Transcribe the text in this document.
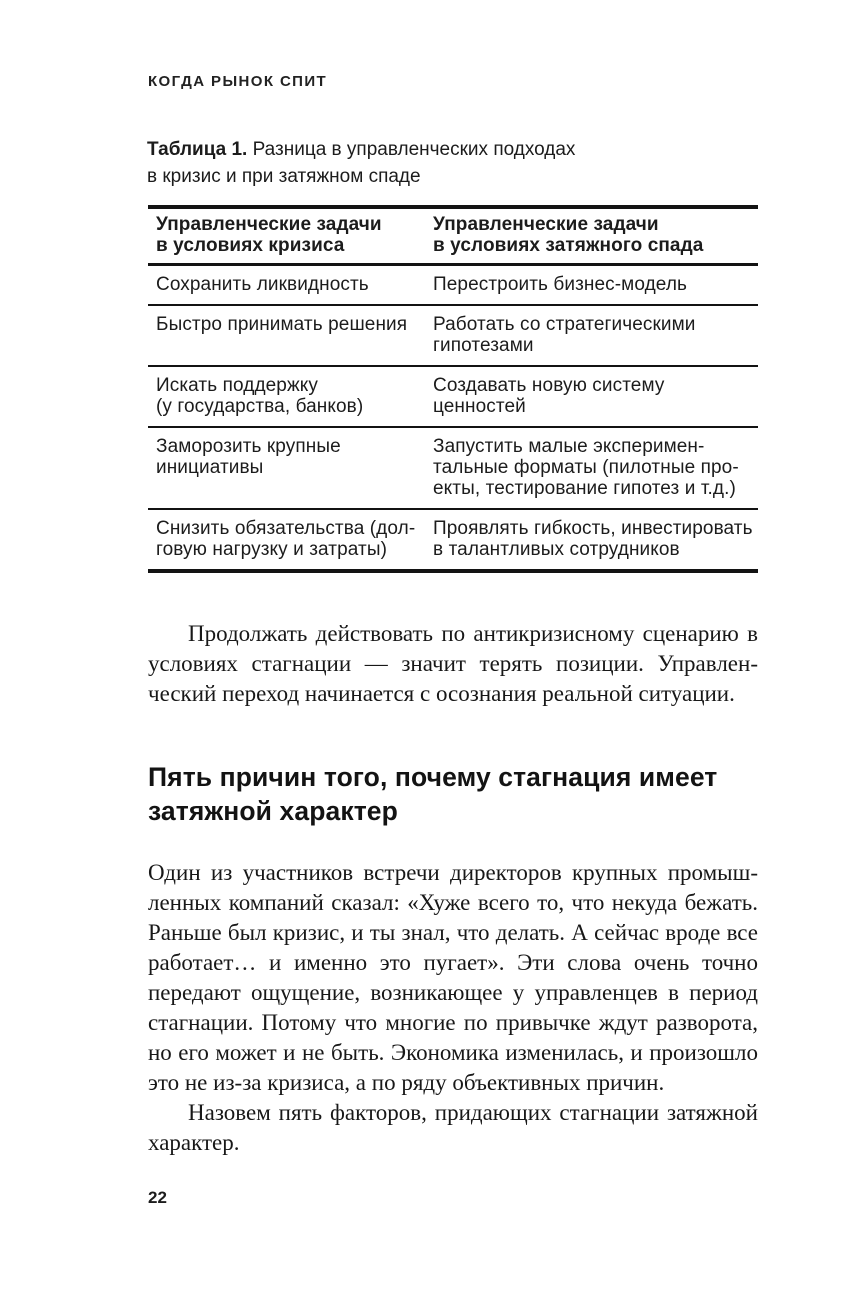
КОГДА РЫНОК СПИТ
Таблица 1. Разница в управленческих подходах в кризис и при затяжном спаде
Управленческие задачи в условиях кризиса	Управленческие задачи в условиях затяжного спада
Сохранить ликвидность	Перестроить бизнес-модель
Быстро принимать решения	Работать со стратегическими гипотезами
Искать поддержку (у государства, банков)	Создавать новую систему ценностей
Заморозить крупные инициативы	Запустить малые экспериментальные форматы (пилотные проекты, тестирование гипотез и т.д.)
Снизить обязательства (долговую нагрузку и затраты)	Проявлять гибкость, инвестировать в талантливых сотрудников

Продолжать действовать по антикризисному сценарию в условиях стагнации — значит терять позиции. Управленческий переход начинается с осознания реальной ситуации.

Пять причин того, почему стагнация имеет затяжной характер

Один из участников встречи директоров крупных промышленных компаний сказал: «Хуже всего то, что некуда бежать. Раньше был кризис, и ты знал, что делать. А сейчас вроде все работает… и именно это пугает». Эти слова очень точно передают ощущение, возникающее у управленцев в период стагнации. Потому что многие по привычке ждут разворота, но его может и не быть. Экономика изменилась, и произошло это не из-за кризиса, а по ряду объективных причин.

Назовем пять факторов, придающих стагнации затяжной характер.

22
